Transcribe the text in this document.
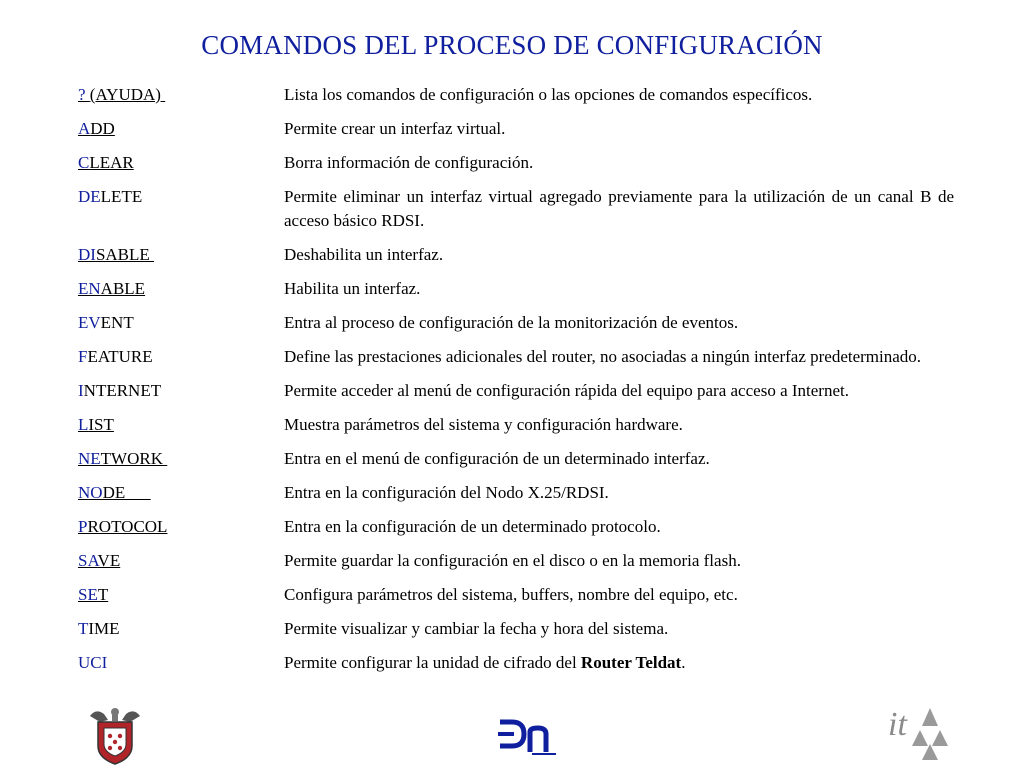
COMANDOS DEL PROCESO DE CONFIGURACIÓN
? (AYUDA)	Lista los comandos de configuración o las opciones de comandos específicos.
ADD	Permite crear un interfaz virtual.
CLEAR	Borra información de configuración.
DELETE	Permite eliminar un interfaz virtual agregado previamente para la utilización de un canal B de acceso básico RDSI.
DISABLE	Deshabilita un interfaz.
ENABLE	Habilita un interfaz.
EVENT	Entra al proceso de configuración de la monitorización de eventos.
FEATURE	Define las prestaciones adicionales del router, no asociadas a ningún interfaz predeterminado.
INTERNET	Permite acceder al menú de configuración rápida del equipo para acceso a Internet.
LIST	Muestra parámetros del sistema y configuración hardware.
NETWORK	Entra en el menú de configuración de un determinado interfaz.
NODE	Entra en la configuración del Nodo X.25/RDSI.
PROTOCOL	Entra en la configuración de un determinado protocolo.
SAVE	Permite guardar la configuración en el disco o en la memoria flash.
SET	Configura parámetros del sistema, buffers, nombre del equipo, etc.
TIME	Permite visualizar y cambiar la fecha y hora del sistema.
UCI	Permite configurar la unidad de cifrado del Router Teldat.
it
